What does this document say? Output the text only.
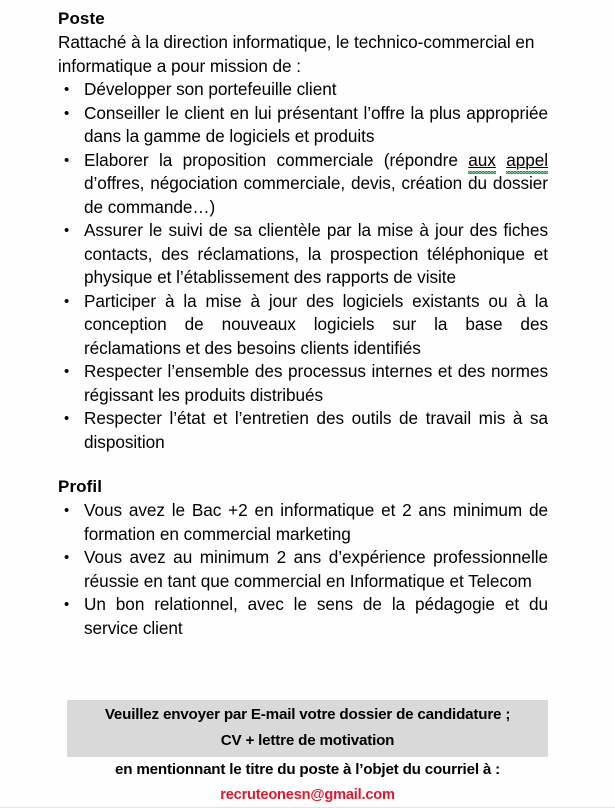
Poste

Rattaché à la direction informatique, le technico-commercial en informatique a pour mission de :

• Développer son portefeuille client
• Conseiller le client en lui présentant l’offre la plus appropriée dans la gamme de logiciels et produits
• Elaborer la proposition commerciale (répondre aux appel d’offres, négociation commerciale, devis, création du dossier de commande…)
• Assurer le suivi de sa clientèle par la mise à jour des fiches contacts, des réclamations, la prospection téléphonique et physique et l’établissement des rapports de visite
• Participer à la mise à jour des logiciels existants ou à la conception de nouveaux logiciels sur la base des réclamations et des besoins clients identifiés
• Respecter l’ensemble des processus internes et des normes régissant les produits distribués
• Respecter l’état et l’entretien des outils de travail mis à sa disposition
Profil
• Vous avez le Bac +2 en informatique et 2 ans minimum de formation en commercial marketing
• Vous avez au minimum 2 ans d’expérience professionnelle réussie en tant que commercial en Informatique et Telecom
• Un bon relationnel, avec le sens de la pédagogie et du service client
Veuillez envoyer par E-mail votre dossier de candidature ;
CV + lettre de motivation
en mentionnant le titre du poste à l’objet du courriel à :
recruteonesn@gmail.com
